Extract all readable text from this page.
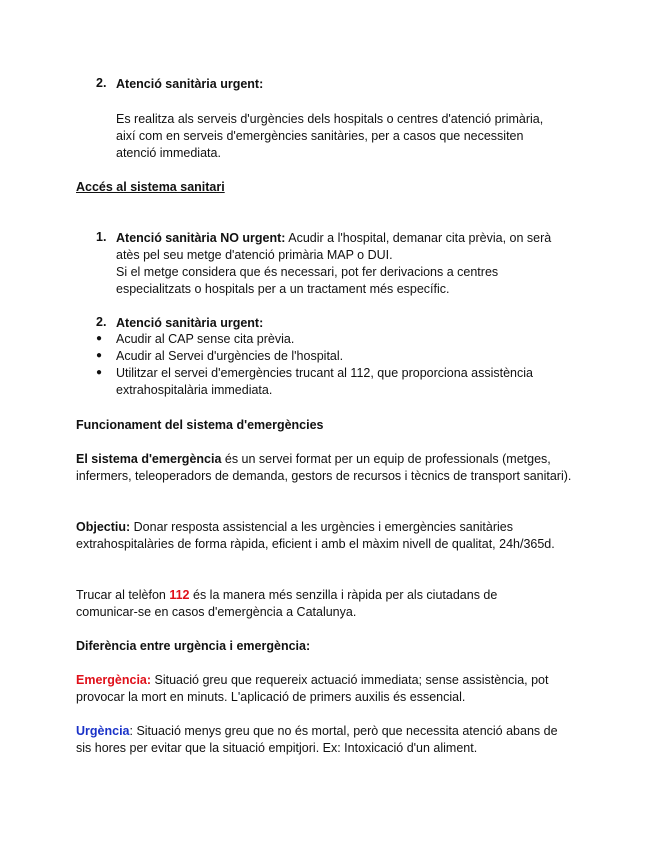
2. Atenció sanitària urgent:
Es realitza als serveis d'urgències dels hospitals o centres d'atenció primària, així com en serveis d'emergències sanitàries, per a casos que necessiten atenció immediata.
Accés al sistema sanitari
1. Atenció sanitària NO urgent: Acudir a l'hospital, demanar cita prèvia, on serà atès pel seu metge d'atenció primària MAP o DUI.
Si el metge considera que és necessari, pot fer derivacions a centres especialitzats o hospitals per a un tractament més específic.
2. Atenció sanitària urgent:
● Acudir al CAP sense cita prèvia.
● Acudir al Servei d'urgències de l'hospital.
● Utilitzar el servei d'emergències trucant al 112, que proporciona assistència extrahospitalària immediata.
Funcionament del sistema d'emergències
El sistema d'emergència és un servei format per un equip de professionals (metges, infermers, teleoperadors de demanda, gestors de recursos i tècnics de transport sanitari).
Objectiu: Donar resposta assistencial a les urgències i emergències sanitàries extrahospitalàries de forma ràpida, eficient i amb el màxim nivell de qualitat, 24h/365d.
Trucar al telèfon 112 és la manera més senzilla i ràpida per als ciutadans de comunicar-se en casos d'emergència a Catalunya.
Diferència entre urgència i emergència:
Emergència: Situació greu que requereix actuació immediata; sense assistència, pot provocar la mort en minuts. L'aplicació de primers auxilis és essencial.
Urgència: Situació menys greu que no és mortal, però que necessita atenció abans de sis hores per evitar que la situació empitjori. Ex: Intoxicació d'un aliment.
